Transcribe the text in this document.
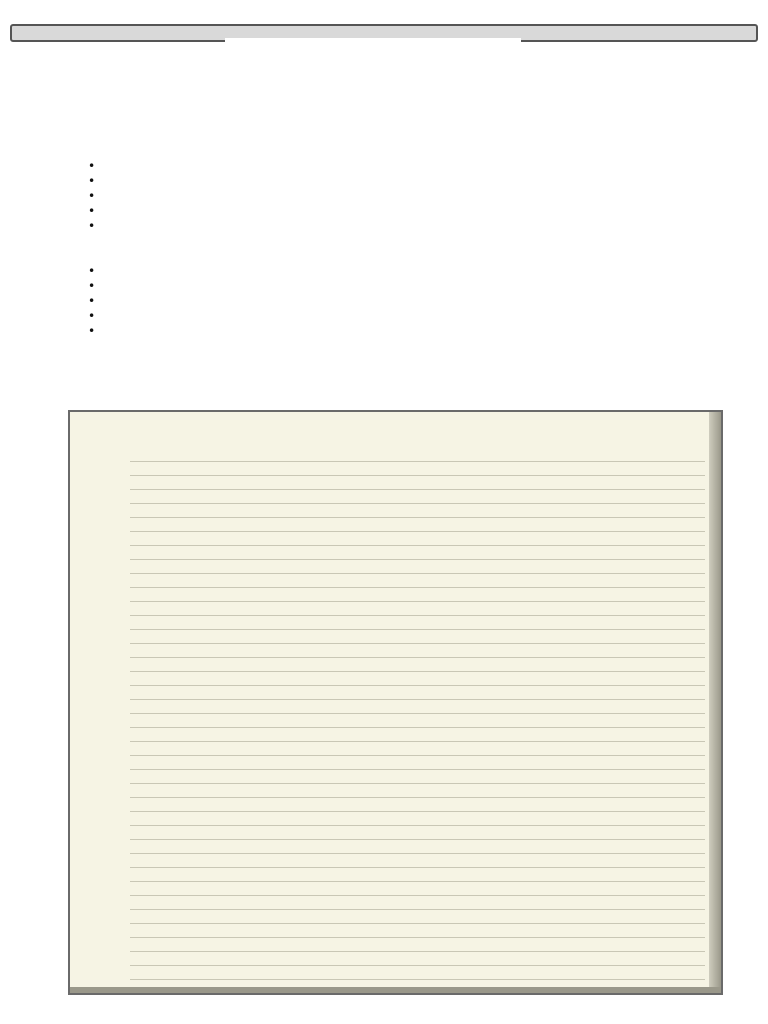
•
•
•
•
•
•
•
•
•
•
